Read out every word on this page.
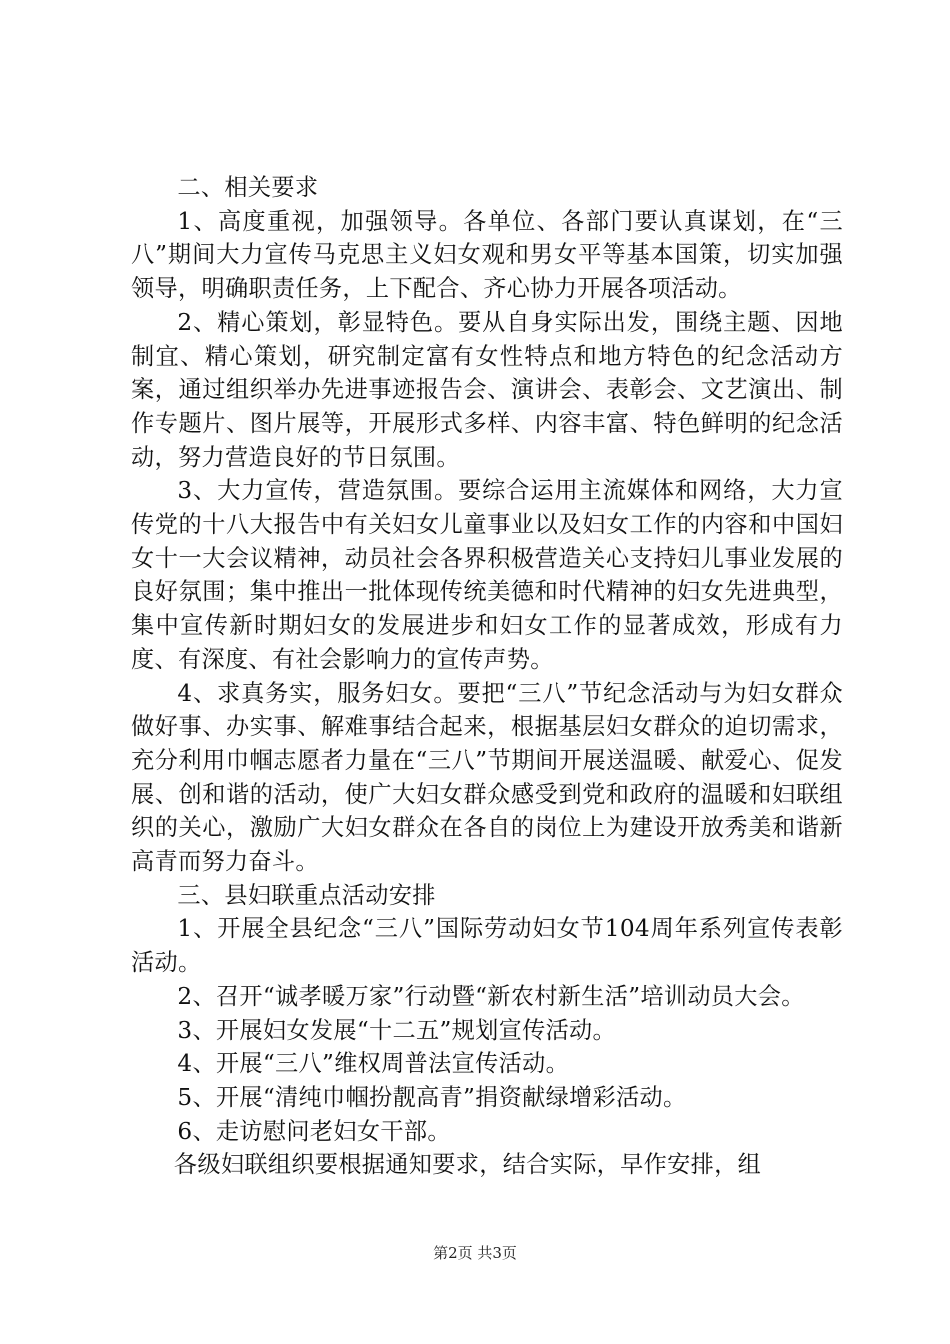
二、相关要求

1、高度重视，加强领导。各单位、各部门要认真谋划，在“三八”期间大力宣传马克思主义妇女观和男女平等基本国策，切实加强领导，明确职责任务，上下配合、齐心协力开展各项活动。

2、精心策划，彰显特色。要从自身实际出发，围绕主题、因地制宜、精心策划，研究制定富有女性特点和地方特色的纪念活动方案，通过组织举办先进事迹报告会、演讲会、表彰会、文艺演出、制作专题片、图片展等，开展形式多样、内容丰富、特色鲜明的纪念活动，努力营造良好的节日氛围。

3、大力宣传，营造氛围。要综合运用主流媒体和网络，大力宣传党的十八大报告中有关妇女儿童事业以及妇女工作的内容和中国妇女十一大会议精神，动员社会各界积极营造关心支持妇儿事业发展的良好氛围；集中推出一批体现传统美德和时代精神的妇女先进典型，集中宣传新时期妇女的发展进步和妇女工作的显著成效，形成有力度、有深度、有社会影响力的宣传声势。

4、求真务实，服务妇女。要把“三八”节纪念活动与为妇女群众做好事、办实事、解难事结合起来，根据基层妇女群众的迫切需求，充分利用巾帼志愿者力量在“三八”节期间开展送温暖、献爱心、促发展、创和谐的活动，使广大妇女群众感受到党和政府的温暖和妇联组织的关心，激励广大妇女群众在各自的岗位上为建设开放秀美和谐新高青而努力奋斗。

三、县妇联重点活动安排

1、开展全县纪念“三八”国际劳动妇女节104周年系列宣传表彰活动。

2、召开“诚孝暖万家”行动暨“新农村新生活”培训动员大会。

3、开展妇女发展“十二五”规划宣传活动。

4、开展“三八”维权周普法宣传活动。

5、开展“清纯巾帼扮靓高青”捐资献绿增彩活动。

6、走访慰问老妇女干部。

各级妇联组织要根据通知要求，结合实际，早作安排，组

第2页 共3页
